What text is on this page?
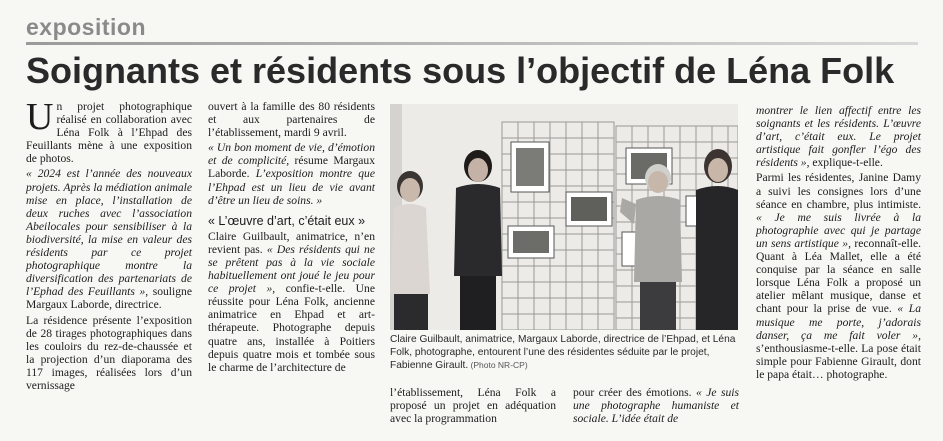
exposition
Soignants et résidents sous l’objectif de Léna Folk

Un projet photographique réalisé en collaboration avec Léna Folk à l’Ehpad des Feuillants mène à une exposition de photos.

« 2024 est l’année des nouveaux projets. Après la médiation animale mise en place, l’installation de deux ruches avec l’association Abeilocales pour sensibiliser à la biodiversité, la mise en valeur des résidents par ce projet photographique montre la diversification des partenariats de l’Ephad des Feuillants », souligne Margaux Laborde, directrice.

La résidence présente l’exposition de 28 tirages photographiques dans les couloirs du rez-de-chaussée et la projection d’un diaporama des 117 images, réalisées lors d’un vernissage

ouvert à la famille des 80 résidents et aux partenaires de l’établissement, mardi 9 avril.

« Un bon moment de vie, d’émotion et de complicité, résume Margaux Laborde. L’exposition montre que l’Ehpad est un lieu de vie avant d’être un lieu de soins. »

« L’œuvre d’art, c’était eux »

Claire Guilbault, animatrice, n’en revient pas. « Des résidents qui ne se prêtent pas à la vie sociale habituellement ont joué le jeu pour ce projet », confie-t-elle. Une réussite pour Léna Folk, ancienne animatrice en Ehpad et art-thérapeute. Photographe depuis quatre ans, installée à Poitiers depuis quatre mois et tombée sous le charme de l’architecture de

Claire Guilbault, animatrice, Margaux Laborde, directrice de l’Ehpad, et Léna Folk, photographe, entourent l’une des résidentes séduite par le projet, Fabienne Girault. (Photo NR-CP)

l’établissement, Léna Folk a proposé un projet en adéquation avec la programmation

pour créer des émotions. « Je suis une photographe humaniste et sociale. L’idée était de

montrer le lien affectif entre les soignants et les résidents. L’œuvre d’art, c’était eux. Le projet artistique fait gonfler l’égo des résidents », explique-t-elle.

Parmi les résidentes, Janine Damy a suivi les consignes lors d’une séance en chambre, plus intimiste. « Je me suis livrée à la photographie avec qui je partage un sens artistique », reconnaît-elle. Quant à Léa Mallet, elle a été conquise par la séance en salle lorsque Léna Folk a proposé un atelier mêlant musique, danse et chant pour la prise de vue. « La musique me porte, j’adorais danser, ça me fait voler », s’enthousiasme-t-elle. La pose était simple pour Fabienne Girault, dont le papa était… photographe.
